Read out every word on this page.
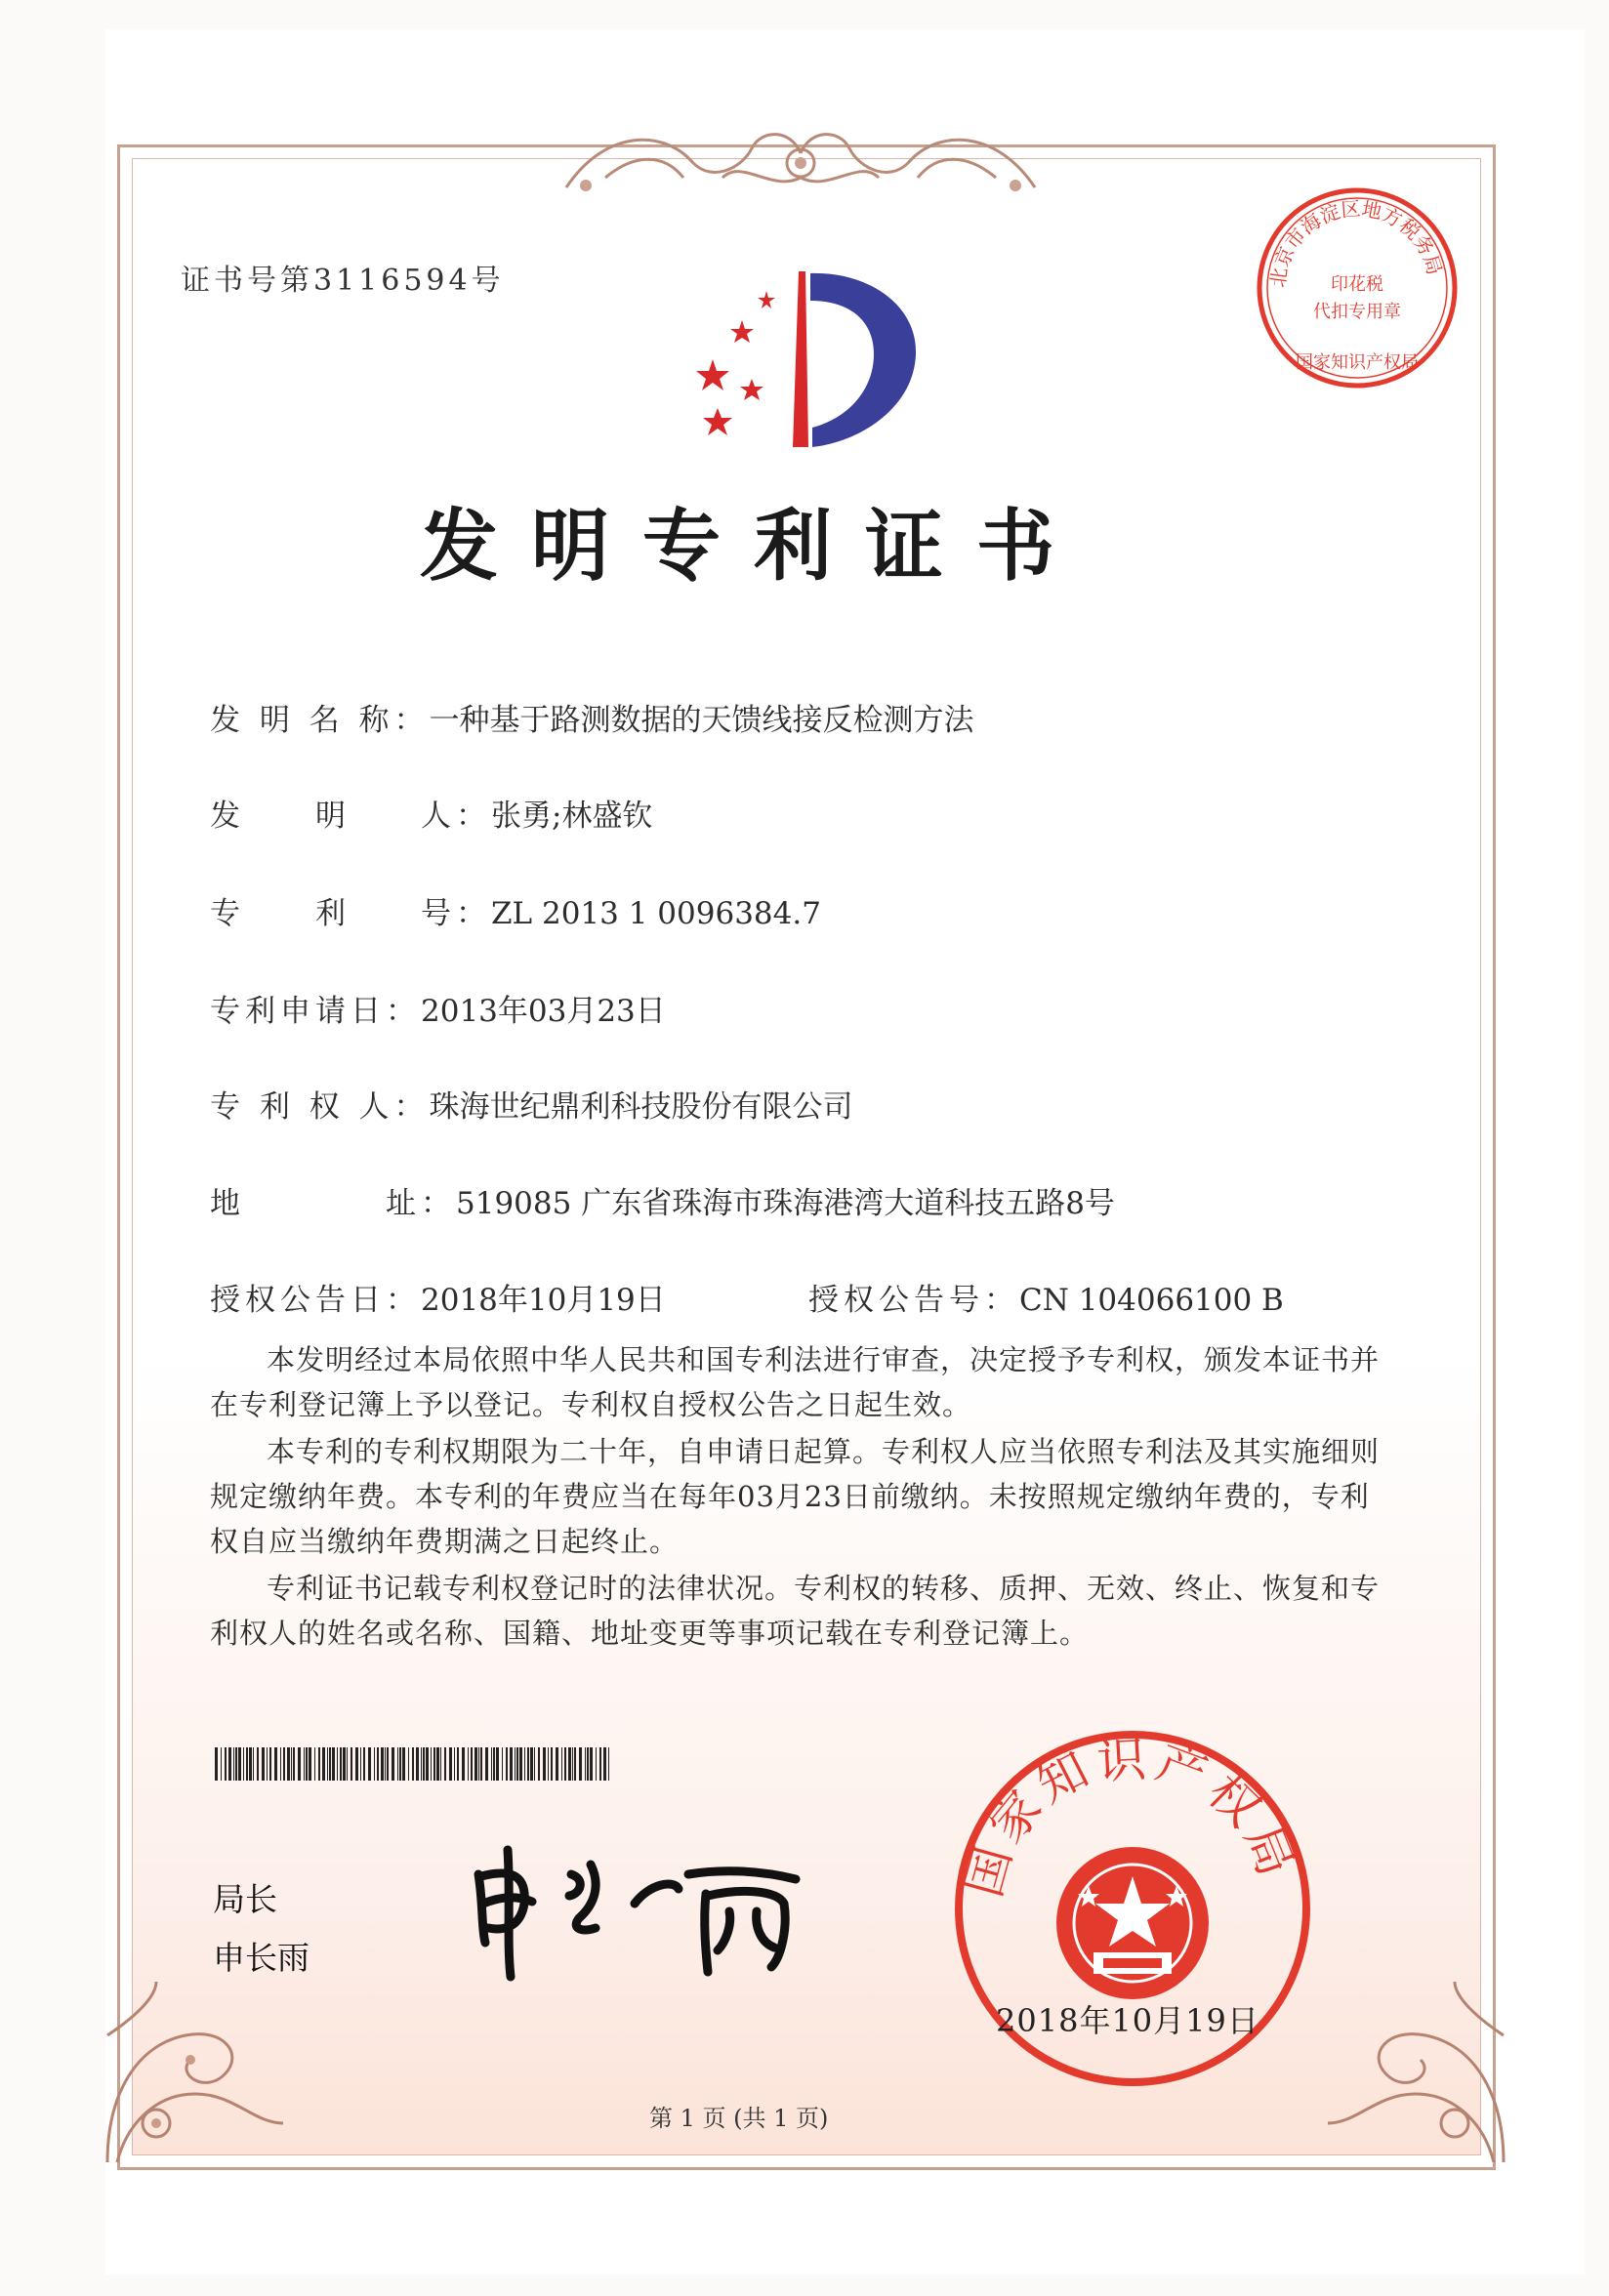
证书号第3116594号	北京市海淀区地方税务局
印花税
代扣专用章
国家知识产权局
发明专利证书
发 明 名 称：一种基于路测数据的天馈线接反检测方法
发　　明　　人：张勇;林盛钦
专　　利　　号：ZL 2013 1 0096384.7
专利申请日：2013年03月23日
专 利 权 人：珠海世纪鼎利科技股份有限公司
地　　　　址：519085 广东省珠海市珠海港湾大道科技五路8号
授权公告日：2018年10月19日	授权公告号：CN 104066100 B

本发明经过本局依照中华人民共和国专利法进行审查，决定授予专利权，颁发本证书并在专利登记簿上予以登记。专利权自授权公告之日起生效。

本专利的专利权期限为二十年，自申请日起算。专利权人应当依照专利法及其实施细则规定缴纳年费。本专利的年费应当在每年03月23日前缴纳。未按照规定缴纳年费的，专利权自应当缴纳年费期满之日起终止。

专利证书记载专利权登记时的法律状况。专利权的转移、质押、无效、终止、恢复和专利权人的姓名或名称、国籍、地址变更等事项记载在专利登记簿上。

局长
申长雨
国家知识产权局
2018年10月19日
第 1 页 (共 1 页)
